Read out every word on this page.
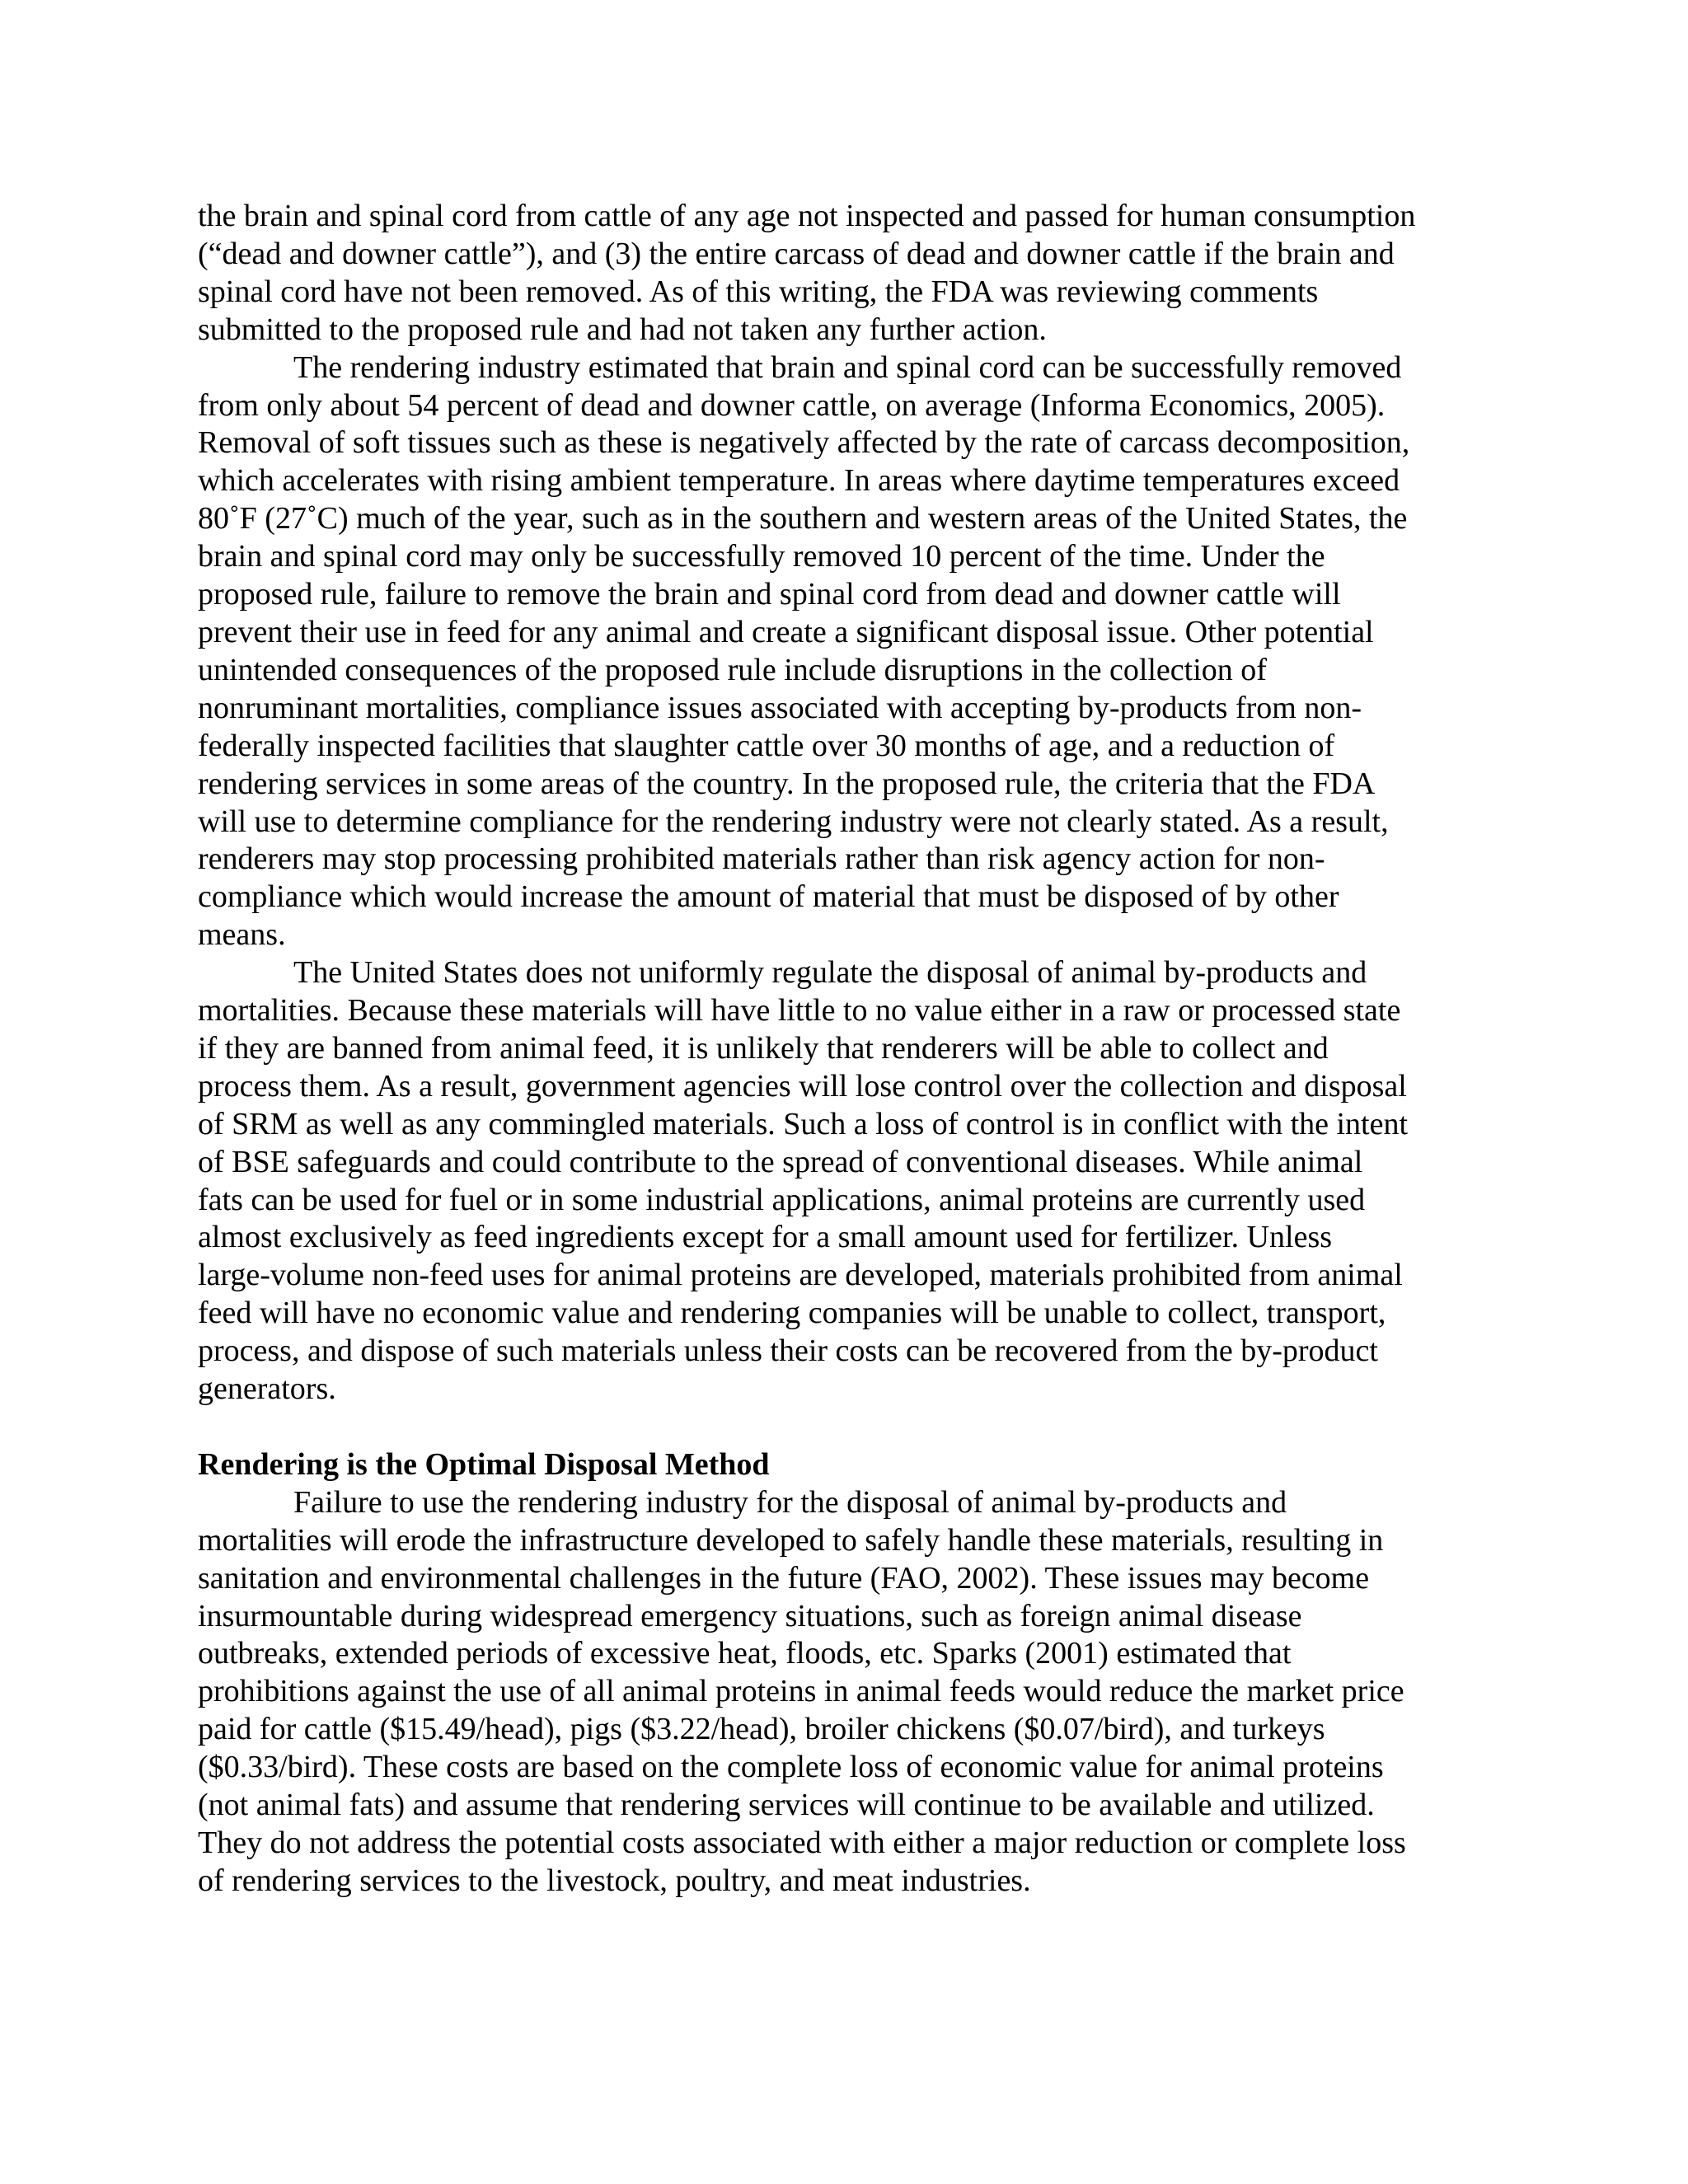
the brain and spinal cord from cattle of any age not inspected and passed for human consumption
(“dead and downer cattle”), and (3) the entire carcass of dead and downer cattle if the brain and
spinal cord have not been removed. As of this writing, the FDA was reviewing comments
submitted to the proposed rule and had not taken any further action.
The rendering industry estimated that brain and spinal cord can be successfully removed
from only about 54 percent of dead and downer cattle, on average (Informa Economics, 2005).
Removal of soft tissues such as these is negatively affected by the rate of carcass decomposition,
which accelerates with rising ambient temperature. In areas where daytime temperatures exceed
80˚F (27˚C) much of the year, such as in the southern and western areas of the United States, the
brain and spinal cord may only be successfully removed 10 percent of the time. Under the
proposed rule, failure to remove the brain and spinal cord from dead and downer cattle will
prevent their use in feed for any animal and create a significant disposal issue. Other potential
unintended consequences of the proposed rule include disruptions in the collection of
nonruminant mortalities, compliance issues associated with accepting by-products from non-
federally inspected facilities that slaughter cattle over 30 months of age, and a reduction of
rendering services in some areas of the country. In the proposed rule, the criteria that the FDA
will use to determine compliance for the rendering industry were not clearly stated. As a result,
renderers may stop processing prohibited materials rather than risk agency action for non-
compliance which would increase the amount of material that must be disposed of by other
means.
The United States does not uniformly regulate the disposal of animal by-products and
mortalities. Because these materials will have little to no value either in a raw or processed state
if they are banned from animal feed, it is unlikely that renderers will be able to collect and
process them. As a result, government agencies will lose control over the collection and disposal
of SRM as well as any commingled materials. Such a loss of control is in conflict with the intent
of BSE safeguards and could contribute to the spread of conventional diseases. While animal
fats can be used for fuel or in some industrial applications, animal proteins are currently used
almost exclusively as feed ingredients except for a small amount used for fertilizer. Unless
large-volume non-feed uses for animal proteins are developed, materials prohibited from animal
feed will have no economic value and rendering companies will be unable to collect, transport,
process, and dispose of such materials unless their costs can be recovered from the by-product
generators.
Rendering is the Optimal Disposal Method
Failure to use the rendering industry for the disposal of animal by-products and
mortalities will erode the infrastructure developed to safely handle these materials, resulting in
sanitation and environmental challenges in the future (FAO, 2002). These issues may become
insurmountable during widespread emergency situations, such as foreign animal disease
outbreaks, extended periods of excessive heat, floods, etc. Sparks (2001) estimated that
prohibitions against the use of all animal proteins in animal feeds would reduce the market price
paid for cattle ($15.49/head), pigs ($3.22/head), broiler chickens ($0.07/bird), and turkeys
($0.33/bird). These costs are based on the complete loss of economic value for animal proteins
(not animal fats) and assume that rendering services will continue to be available and utilized.
They do not address the potential costs associated with either a major reduction or complete loss
of rendering services to the livestock, poultry, and meat industries.
